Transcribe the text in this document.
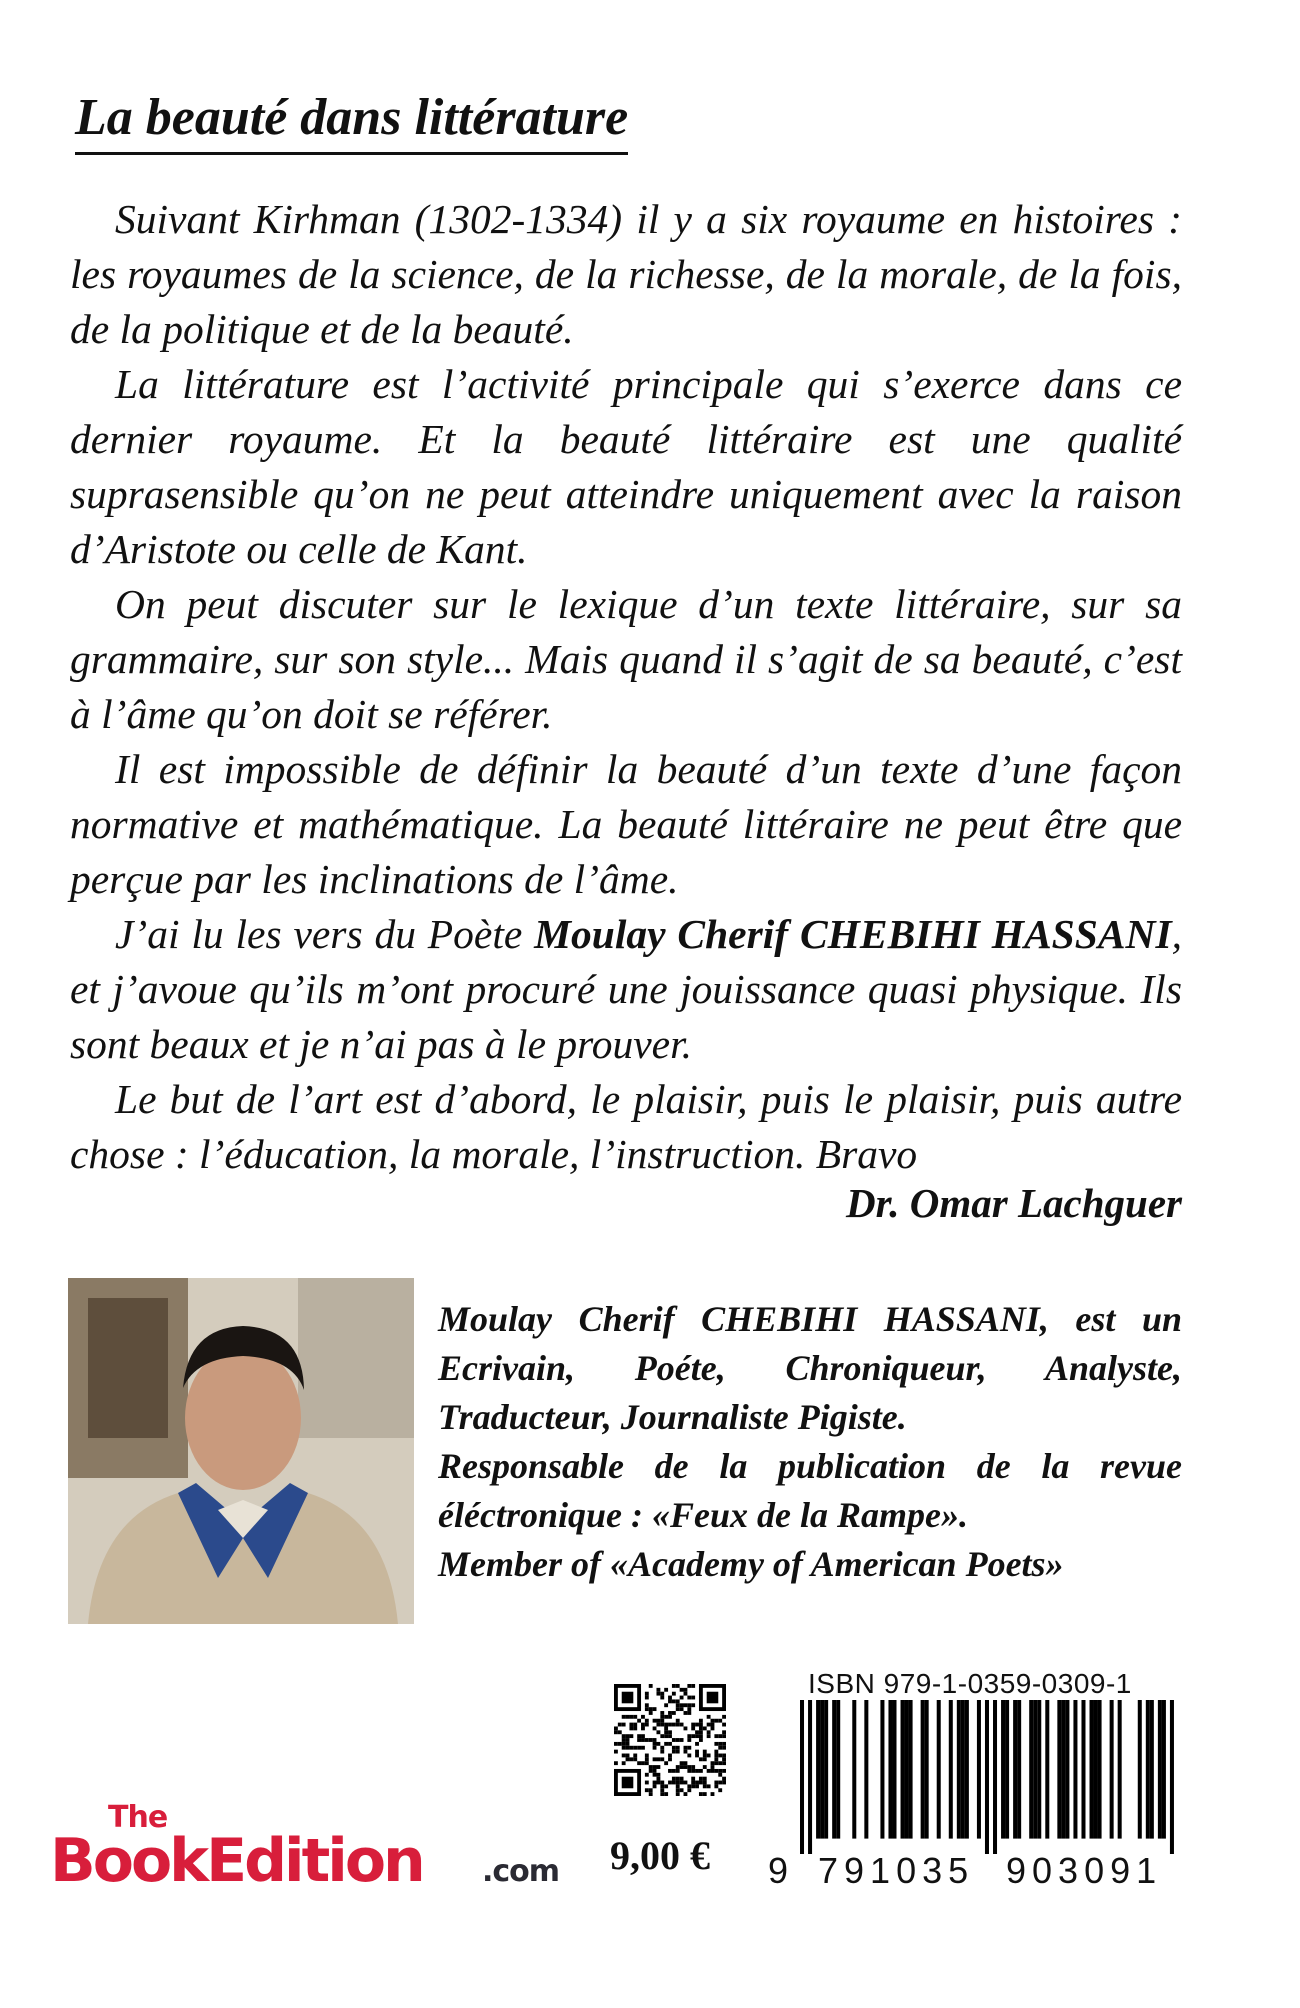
La beauté dans littérature

Suivant Kirhman (1302-1334) il y a six royaume en histoires : les royaumes de la science, de la richesse, de la morale, de la fois, de la politique et de la beauté.

La littérature est l’activité principale qui s’exerce dans ce dernier royaume. Et la beauté littéraire est une qualité suprasensible qu’on ne peut atteindre uniquement avec la raison d’Aristote ou celle de Kant.

On peut discuter sur le lexique d’un texte littéraire, sur sa grammaire, sur son style... Mais quand il s’agit de sa beauté, c’est à l’âme qu’on doit se référer.

Il est impossible de définir la beauté d’un texte d’une façon normative et mathématique. La beauté littéraire ne peut être que perçue par les inclinations de l’âme.

J’ai lu les vers du Poète Moulay Cherif CHEBIHI HASSANI, et j’avoue qu’ils m’ont procuré une jouissance quasi physique. Ils sont beaux et je n’ai pas à le prouver.

Le but de l’art est d’abord, le plaisir, puis le plaisir, puis autre chose : l’éducation, la morale, l’instruction. Bravo

Dr. Omar Lachguer

Moulay Cherif CHEBIHI HASSANI, est un Ecrivain, Poéte, Chroniqueur, Analyste, Traducteur, Journaliste Pigiste.

Responsable de la publication de la revue éléctronique : «Feux de la Rampe».

Member of «Academy of American Poets»

The
BookEdition .com 9,00 €
ISBN 979-1-0359-0309-1
9 791035 903091
